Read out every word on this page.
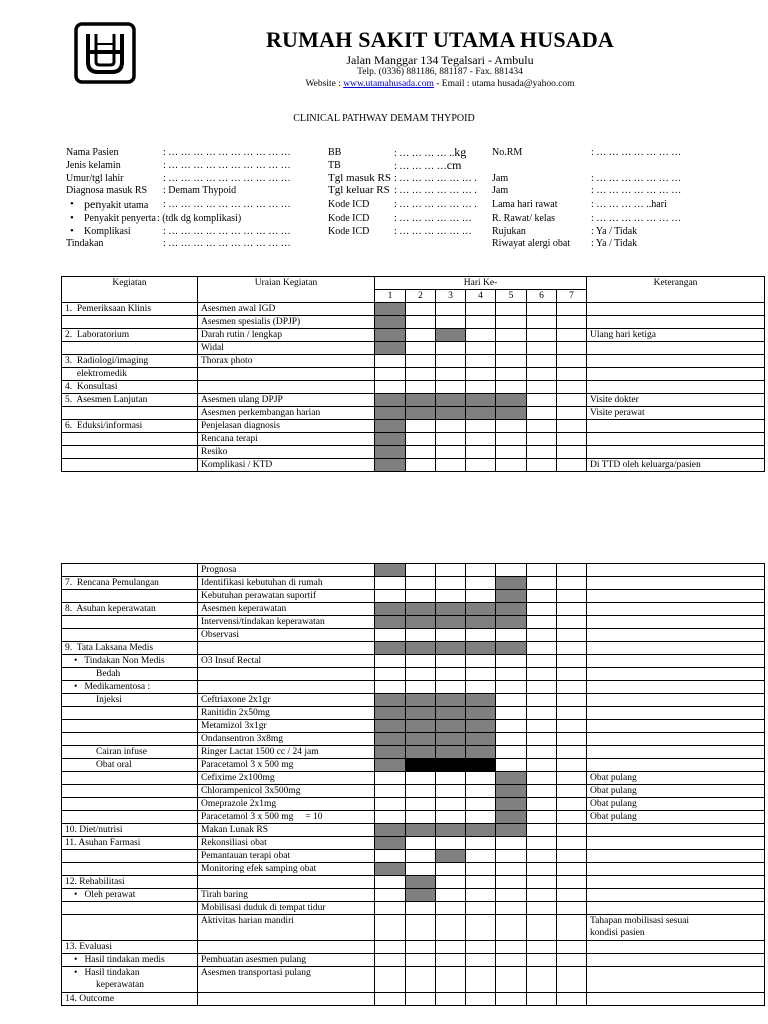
RUMAH SAKIT UTAMA HUSADA
Jalan Manggar 134 Tegalsari - Ambulu
Telp. (0336) 881186, 881187 - Fax. 881434
Website : www.utamahusada.com - Email : utama husada@yahoo.com
CLINICAL PATHWAY DEMAM THYPOID
Nama Pasien	: … … … … … … … … … …
Jenis kelamin	: … … … … … … … … … …
Umur/tgl lahir	: … … … … … … … … … …
Diagnosa masuk RS : Demam Thypoid
• penyakit utama : … … … … … … … … … …
• Penyakit penyerta : (tdk dg komplikasi)
• Komplikasi	: … … … … … … … … … …
Tindakan	: … … … … … … … … … …
BB	: … … … … ..kg
TB	: … … … …cm
Tgl masuk RS : … … … … … … .
Tgl keluar RS : … … … … … … .
Kode ICD : … … … … … … .
Kode ICD : … … … … … …
Kode ICD : … … … … … …
No.RM	: … … … … … … …
Jam	: … … … … … … …
Jam	: … … … … … … …
Lama hari rawat	: … … … … ..hari
R. Rawat/ kelas	: … … … … … … …
Rujukan	: Ya / Tidak
Riwayat alergi obat : Ya / Tidak
Kegiatan	Uraian Kegiatan	Hari Ke-							Keterangan
		1	2	3	4	5	6	7	
1.  Pemeriksaan Klinis	Asesmen awal IGD								
	Asesmen spesialis (DPJP)								
2.  Laboratorium	Darah rutin / lengkap								Ulang hari ketiga
	Widal								
3.  Radiologi/imaging	Thorax photo								
elektromedik									
4.  Konsultasi									
5.  Asesmen Lanjutan	Asesmen ulang DPJP								Visite dokter
	Asesmen perkembangan harian								Visite perawat
6.  Eduksi/informasi	Penjelasan diagnosis								
	Rencana terapi								
	Resiko								
	Komplikasi / KTD								Di TTD oleh keluarga/pasien
	Prognosa								
7.  Rencana Pemulangan	Identifikasi kebutuhan di rumah								
	Kebutuhan perawatan suportif								
8.  Asuhan keperawatan	Asesmen keperawatan								
	Intervensi/tindakan keperawatan								
	Observasi								
9.  Tata Laksana Medis									
•   Tindakan Non Medis	O3 Insuf Rectal								
Bedah									
•   Medikamentosa :									
Injeksi	Ceftriaxone 2x1gr								
	Ranitidin 2x50mg								
	Metamizol 3x1gr								
	Ondansentron 3x8mg								
Cairan infuse	Ringer Lactat 1500 cc / 24 jam								
Obat oral	Paracetamol 3 x 500 mg								
	Cefixime 2x100mg								Obat pulang
	Chlorampenicol 3x500mg								Obat pulang
	Omeprazole 2x1mg								Obat pulang
	Paracetamol 3 x 500 mg     = 10								Obat pulang
10. Diet/nutrisi	Makan Lunak RS								
11. Asuhan Farmasi	Rekonsiliasi obat								
	Pemantauan terapi obat								
	Monitoring efek samping obat								
12. Rehabilitasi									
•   Oleh perawat	Tirah baring								
	Mobilisasi duduk di tempat tidur								
	Aktivitas harian mandiri								Tahapan mobilisasi sesuai
kondisi pasien

13. Evaluasi									
•   Hasil tindakan medis	Pembuatan asesmen pulang								
•   Hasil tindakan
keperawatan	Asesmen transportasi pulang								
14. Outcome									
